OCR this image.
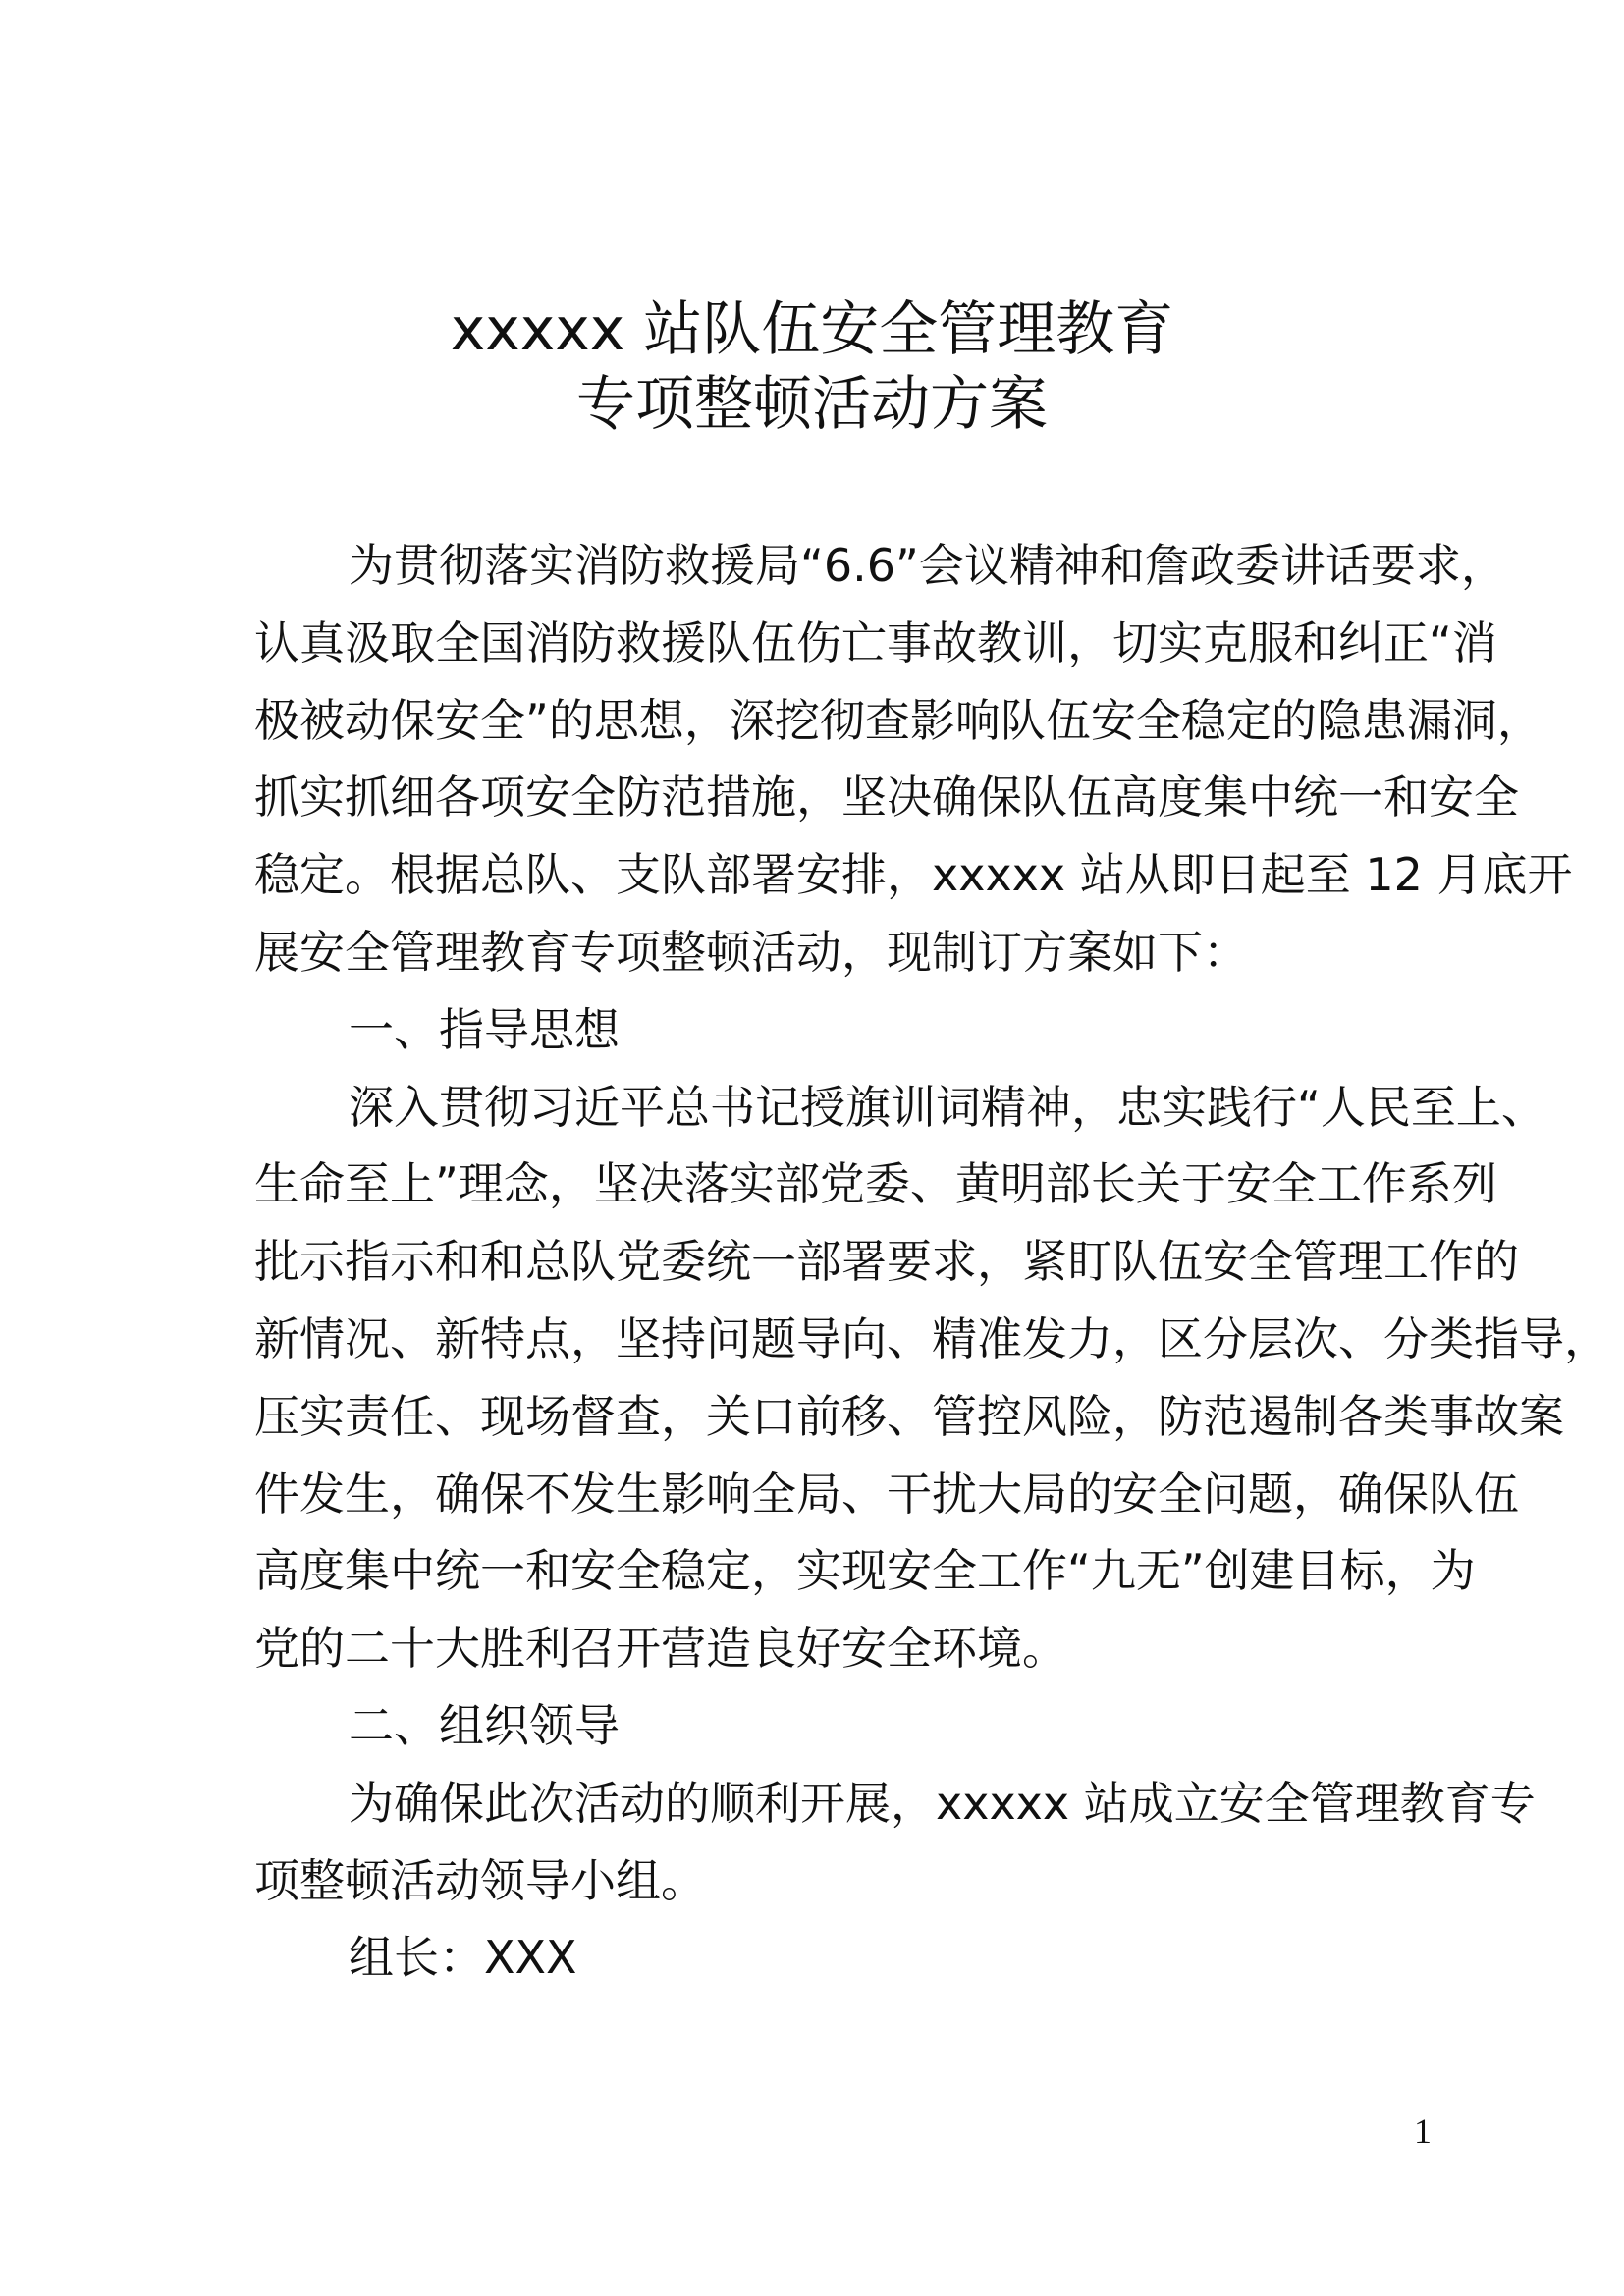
xxxxx 站队伍安全管理教育
专项整顿活动方案
为贯彻落实消防救援局“6.6”会议精神和詹政委讲话要求，
认真汲取全国消防救援队伍伤亡事故教训，切实克服和纠正“消
极被动保安全”的思想，深挖彻查影响队伍安全稳定的隐患漏洞，
抓实抓细各项安全防范措施，坚决确保队伍高度集中统一和安全
稳定。根据总队、支队部署安排，xxxxx 站从即日起至 12 月底开
展安全管理教育专项整顿活动，现制订方案如下：
一、指导思想
深入贯彻习近平总书记授旗训词精神，忠实践行“人民至上、
生命至上”理念，坚决落实部党委、黄明部长关于安全工作系列
批示指示和和总队党委统一部署要求，紧盯队伍安全管理工作的
新情况、新特点，坚持问题导向、精准发力，区分层次、分类指导，
压实责任、现场督查，关口前移、管控风险，防范遏制各类事故案
件发生，确保不发生影响全局、干扰大局的安全问题，确保队伍
高度集中统一和安全稳定，实现安全工作“九无”创建目标，为
党的二十大胜利召开营造良好安全环境。
二、组织领导
为确保此次活动的顺利开展，xxxxx 站成立安全管理教育专
项整顿活动领导小组。
组长：XXX
1
